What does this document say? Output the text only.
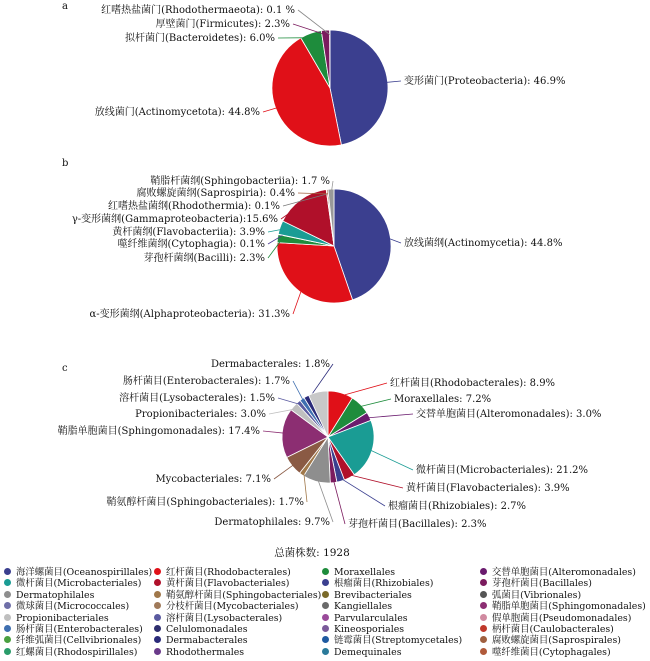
a
b
c
变形菌门(Proteobacteria): 46.9%
放线菌门(Actinomycetota): 44.8%
拟杆菌门(Bacteroidetes): 6.0%
厚壁菌门(Firmicutes): 2.3%
红嗜热盐菌门(Rhodothermaeota): 0.1 %
放线菌纲(Actinomycetia): 44.8%
α-变形菌纲(Alphaproteobacteria): 31.3%
芽孢杆菌纲(Bacilli): 2.3%
噬纤维菌纲(Cytophagia): 0.1%
黄杆菌纲(Flavobacteriia): 3.9%
γ-变形菌纲(Gammaproteobacteria):15.6%
红嗜热盐菌纲(Rhodothermia): 0.1%
腐败螺旋菌纲(Saprospiria): 0.4%
鞘脂杆菌纲(Sphingobacteriia): 1.7 %
红杆菌目(Rhodobacterales): 8.9%
Moraxellales: 7.2%
交替单胞菌目(Alteromonadales): 3.0%
微杆菌目(Microbacteriales): 21.2%
黄杆菌目(Flavobacteriales): 3.9%
根瘤菌目(Rhizobiales): 2.7%
芽孢杆菌目(Bacillales): 2.3%
Dermatophilales: 9.7%
鞘氨醇杆菌目(Sphingobacteriales): 1.7%
Mycobacteriales: 7.1%
鞘脂单胞菌目(Sphingomonadales): 17.4%
Propionibacteriales: 3.0%
溶杆菌目(Lysobacterales): 1.5%
肠杆菌目(Enterobacterales): 1.7%
Dermabacterales: 1.8%
总菌株数: 1928
海洋螺菌目(Oceanospirillales)	红杆菌目(Rhodobacterales)	Moraxellales	交替单胞菌目(Alteromonadales)
微杆菌目(Microbacteriales)	黄杆菌目(Flavobacteriales)	根瘤菌目(Rhizobiales)	芽孢杆菌目(Bacillales)
Dermatophilales	鞘氨醇杆菌目(Sphingobacteriales)	Brevibacteriales	弧菌目(Vibrionales)
微球菌目(Micrococcales)	分枝杆菌目(Mycobacteriales)	Kangiellales	鞘脂单胞菌目(Sphingomonadales)
Propionibacteriales	溶杆菌目(Lysobacterales)	Parvularculales	假单胞菌目(Pseudomonadales)
肠杆菌目(Enterobacterales)	Celulomonadales	Kineosporiales	柄杆菌目(Caulobacterales)
纤维弧菌目(Cellvibrionales)	Dermabacterales	链霉菌目(Streptomycetales)	腐败螺旋菌目(Saprospirales)
红螺菌目(Rhodospirillales)	Rhodothermales	Demequinales	噬纤维菌目(Cytophagales)
